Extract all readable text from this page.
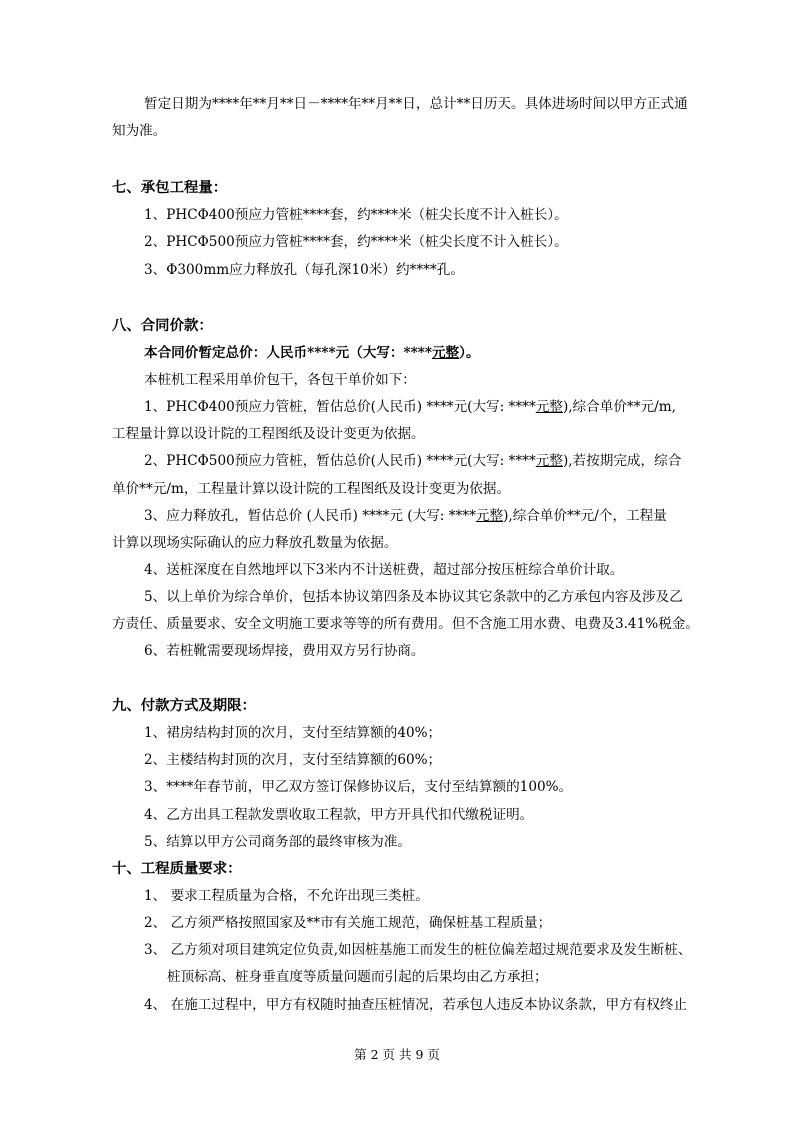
暂定日期为****年**月**日－****年**月**日，总计**日历天。具体进场时间以甲方正式通
知为准。
七、承包工程量：
1、PHCΦ400预应力管桩****套，约****米（桩尖长度不计入桩长）。
2、PHCΦ500预应力管桩****套，约****米（桩尖长度不计入桩长）。
3、Φ300mm应力释放孔（每孔深10米）约****孔。
八、合同价款：
本合同价暂定总价：人民币****元（大写：****元整）。
本桩机工程采用单价包干，各包干单价如下：
1、PHCΦ400预应力管桩，暂估总价(人民币) ****元(大写: ****元整),综合单价**元/m,
工程量计算以设计院的工程图纸及设计变更为依据。
2、PHCΦ500预应力管桩，暂估总价(人民币) ****元(大写: ****元整),若按期完成，综合
单价**元/m，工程量计算以设计院的工程图纸及设计变更为依据。
3、应力释放孔，暂估总价 (人民币) ****元 (大写: ****元整),综合单价**元/个，工程量
计算以现场实际确认的应力释放孔数量为依据。
4、送桩深度在自然地坪以下3米内不计送桩费，超过部分按压桩综合单价计取。
5、以上单价为综合单价，包括本协议第四条及本协议其它条款中的乙方承包内容及涉及乙
方责任、质量要求、安全文明施工要求等等的所有费用。但不含施工用水费、电费及3.41%税金。
6、若桩靴需要现场焊接，费用双方另行协商。
九、付款方式及期限：
1、裙房结构封顶的次月，支付至结算额的40%；
2、主楼结构封顶的次月，支付至结算额的60%；
3、****年春节前，甲乙双方签订保修协议后，支付至结算额的100%。
4、乙方出具工程款发票收取工程款，甲方开具代扣代缴税证明。
5、结算以甲方公司商务部的最终审核为准。
十、工程质量要求：
1、 要求工程质量为合格，不允许出现三类桩。
2、 乙方须严格按照国家及**市有关施工规范，确保桩基工程质量；
3、 乙方须对项目建筑定位负责,如因桩基施工而发生的桩位偏差超过规范要求及发生断桩、
桩顶标高、桩身垂直度等质量问题而引起的后果均由乙方承担；
4、 在施工过程中，甲方有权随时抽查压桩情况，若承包人违反本协议条款，甲方有权终止
第 2 页 共 9 页
